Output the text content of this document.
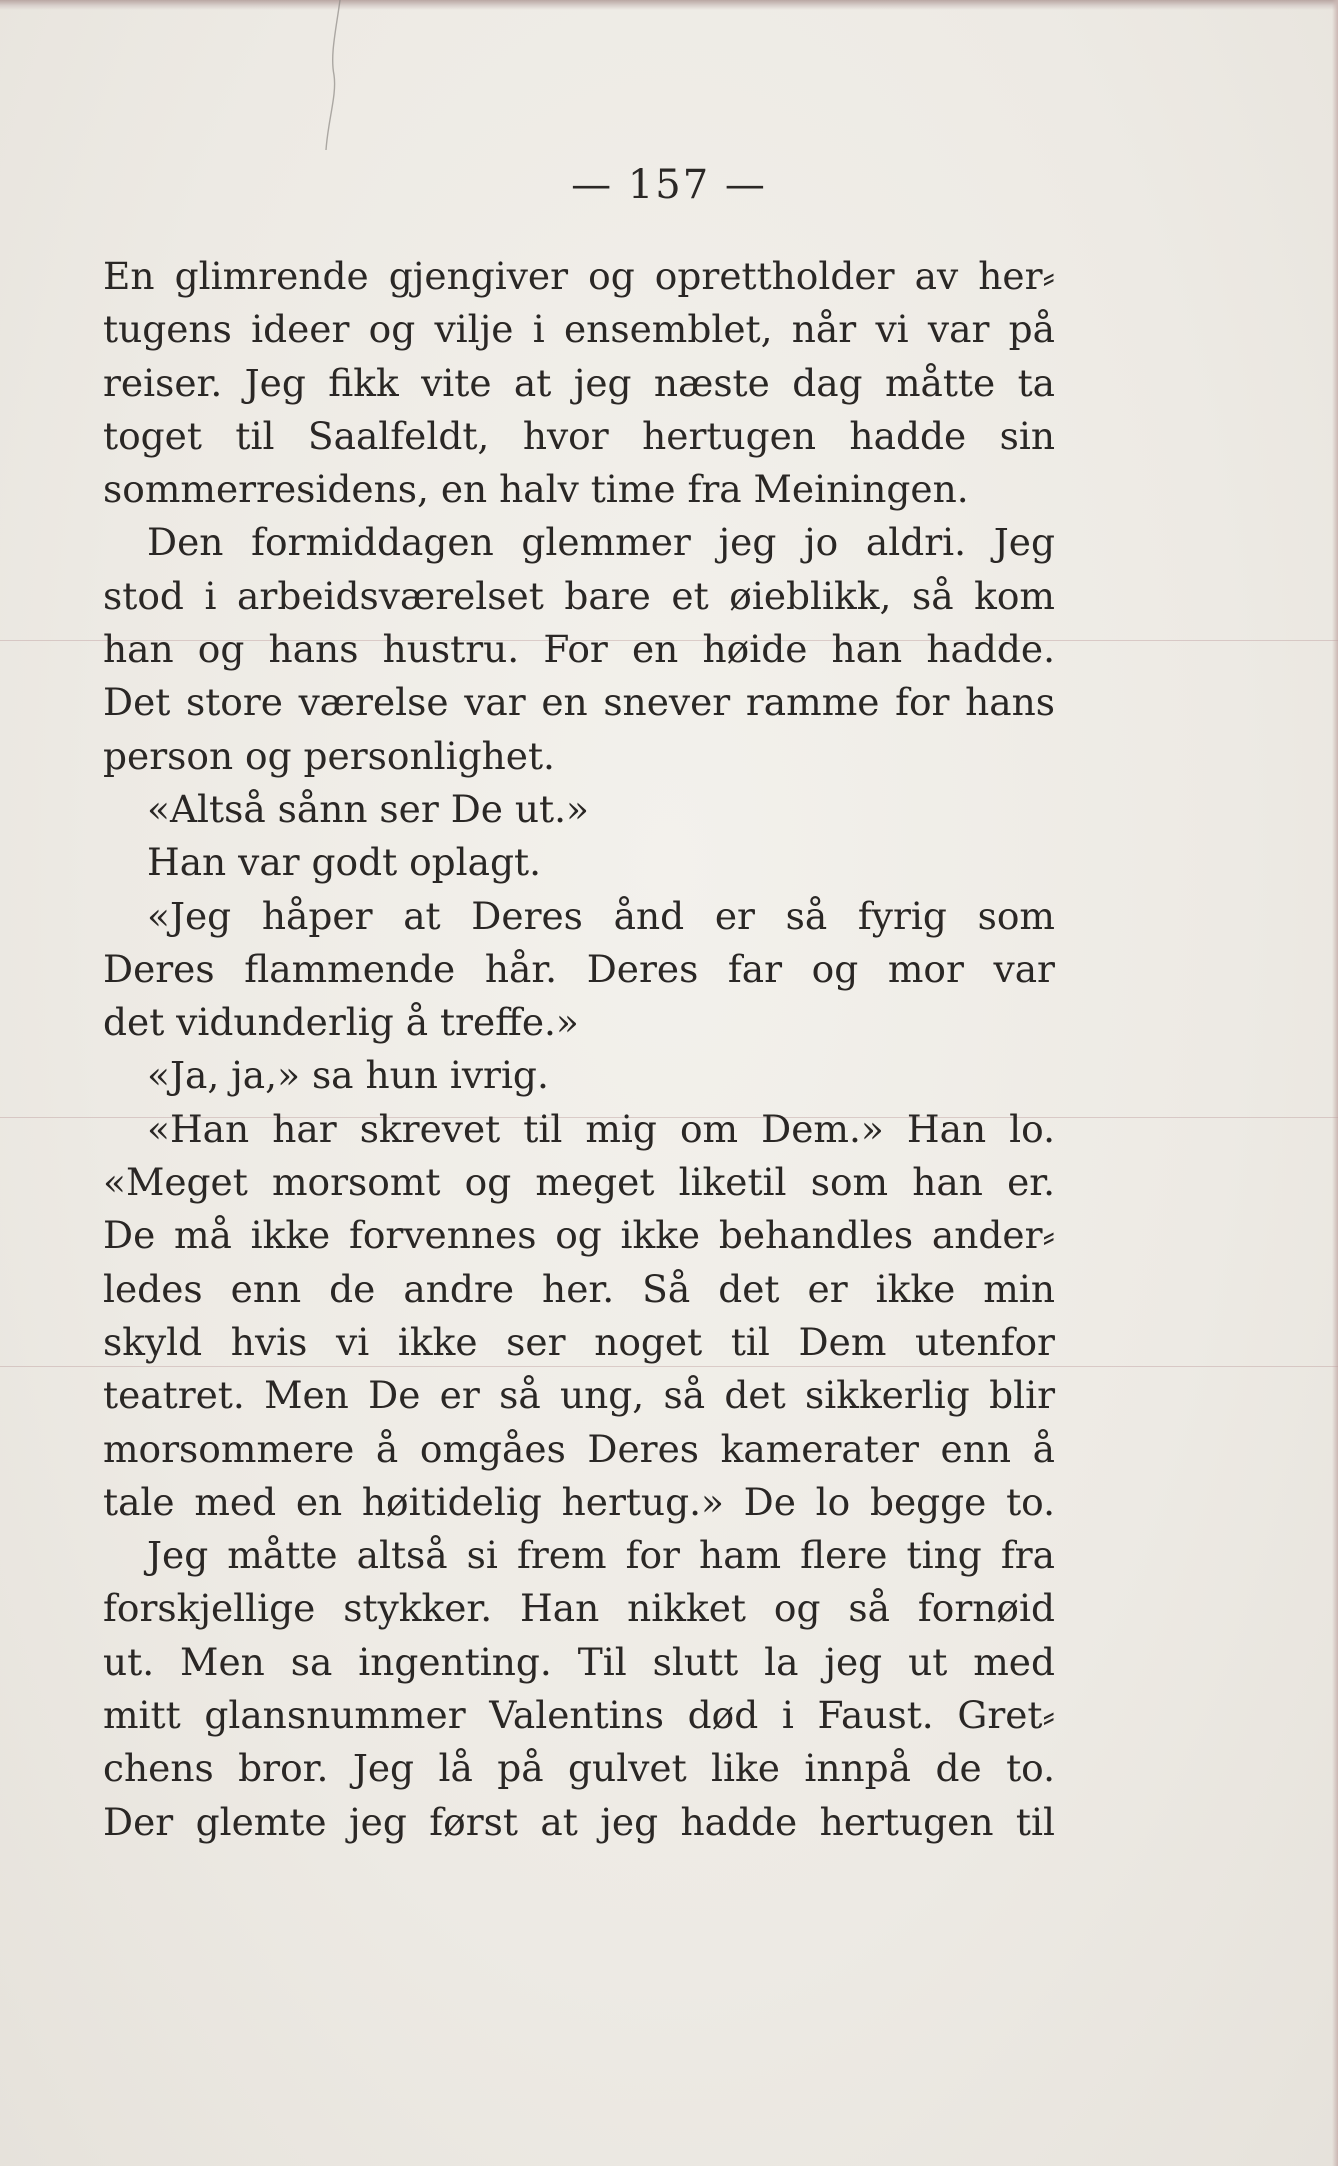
— 157 —
En glimrende gjengiver og oprettholder av her⸗
tugens ideer og vilje i ensemblet, når vi var på
reiser. Jeg fikk vite at jeg næste dag måtte ta
toget til Saalfeldt, hvor hertugen hadde sin
sommerresidens, en halv time fra Meiningen.
Den formiddagen glemmer jeg jo aldri. Jeg
stod i arbeidsværelset bare et øieblikk, så kom
han og hans hustru. For en høide han hadde.
Det store værelse var en snever ramme for hans
person og personlighet.
«Altså sånn ser De ut.»
Han var godt oplagt.
«Jeg håper at Deres ånd er så fyrig som
Deres flammende hår. Deres far og mor var
det vidunderlig å treffe.»
«Ja, ja,» sa hun ivrig.
«Han har skrevet til mig om Dem.» Han lo.
«Meget morsomt og meget liketil som han er.
De må ikke forvennes og ikke behandles ander⸗
ledes enn de andre her. Så det er ikke min
skyld hvis vi ikke ser noget til Dem utenfor
teatret. Men De er så ung, så det sikkerlig blir
morsommere å omgåes Deres kamerater enn å
tale med en høitidelig hertug.» De lo begge to.
Jeg måtte altså si frem for ham flere ting fra
forskjellige stykker. Han nikket og så fornøid
ut. Men sa ingenting. Til slutt la jeg ut med
mitt glansnummer Valentins død i Faust. Gret⸗
chens bror. Jeg lå på gulvet like innpå de to.
Der glemte jeg først at jeg hadde hertugen til
